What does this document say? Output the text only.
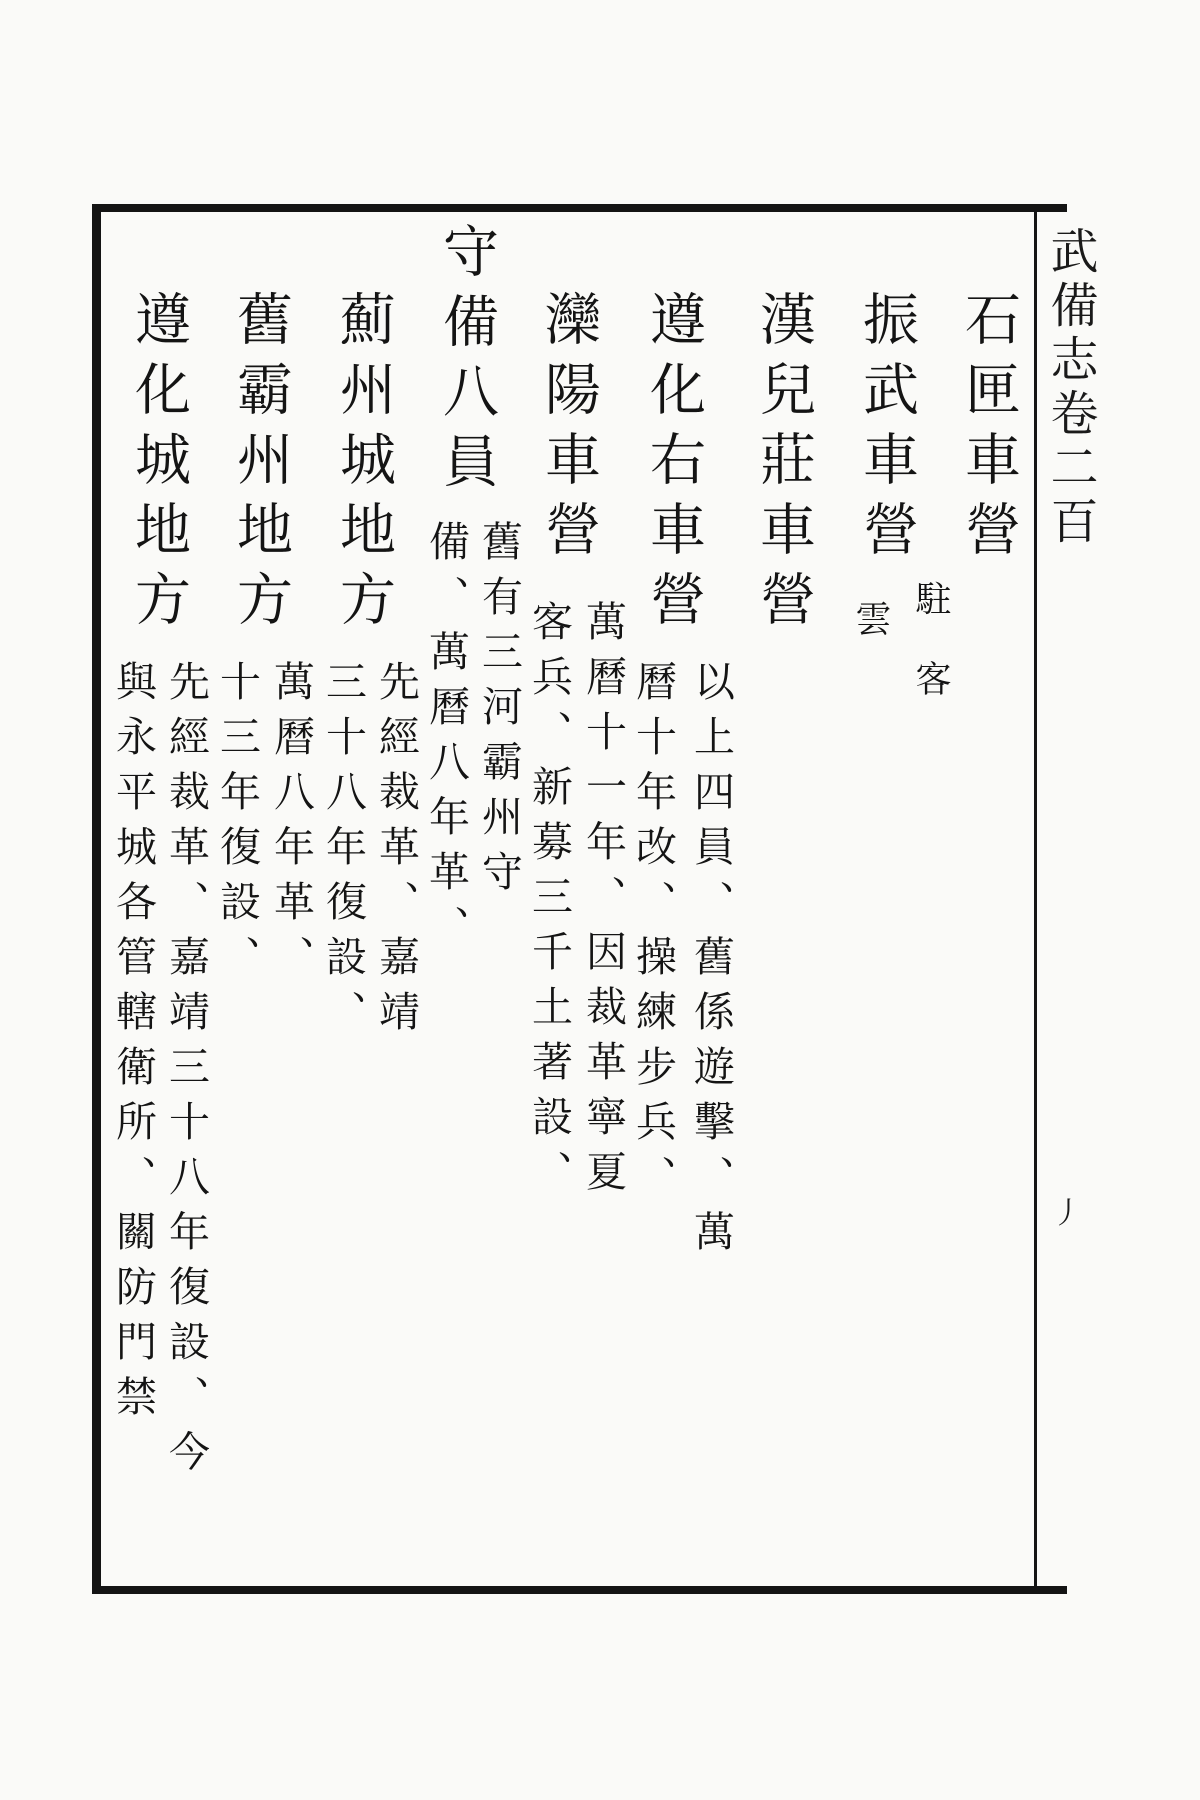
武備志卷二百
丿
石匣車營
振武車營
駐
客
雲
漢兒莊車營
遵化右車營
以上四員、舊係遊擊、萬
曆十年改、操練步兵、
灤陽車營
萬曆十一年、因裁革寧夏
客兵、新募三千土著設、
守備八員
舊有三河霸州守
備、萬曆八年革、
薊州城地方
先經裁革、嘉靖
三十八年復設、
舊霸州地方
萬曆八年革、
十三年復設、
遵化城地方
先經裁革、嘉靖三十八年復設、今
與永平城各管轄衛所、關防門禁
